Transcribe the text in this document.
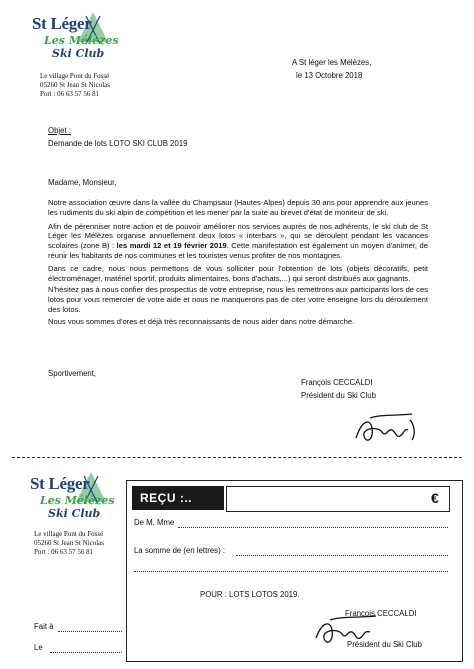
St Léger
Les Mélèzes
Ski Club
Le village Pont du Fossé
05260 St Jean St Nicolas
Port : 06 63 57 56 81
A St léger les Mélèzes,
le 13 Octobre 2018
Objet :
Demande de lots LOTO SKI CLUB 2019
Madame, Monsieur,
Notre association œuvre dans la vallée du Champsaur (Hautes-Alpes) depuis 30 ans pour apprendre aux jeunes les rudiments du ski alpin de compétition et les mener par la suite au brevet d'état de moniteur de ski.
Afin de pérenniser notre action et de pouvoir améliorer nos services auprès de nos adhérents, le ski club de St Léger les Mélèzes organise annuellement deux lotos « interbars », qui se déroulent pendant les vacances scolaires (zone B) : les mardi 12 et 19 février 2019. Cette manifestation est également un moyen d'animer, de réunir les habitants de nos communes et les touristes venus profiter de nos montagnes.
Dans ce cadre, nous nous permettons de vous solliciter pour l'obtention de lots (objets décoratifs, petit électroménager, matériel sportif, produits alimentaires, bons d'achats,...) qui seront distribués aux gagnants.
N'hésitez pas à nous confier des prospectus de votre entreprise, nous les remettrons aux participants lors de ces lotos pour vous remercier de votre aide et nous ne manquerons pas de citer votre enseigne lors du déroulement des lotos.
Nous vous sommes d'ores et déjà très reconnaissants de nous aider dans notre démarche.
Sportivement,
François CECCALDI
Président du Ski Club
St Léger
Les Mélèzes
Ski Club
Le village Pont du Fossé
05260 St Jean St Nicolas
Port : 06 63 57 56 81
REÇU :..	€
De M. Mme
La somme de (en lettres) :
POUR : LOTS LOTOS 2019.
François CECCALDI
Président du Ski Club
Fait à
Le
